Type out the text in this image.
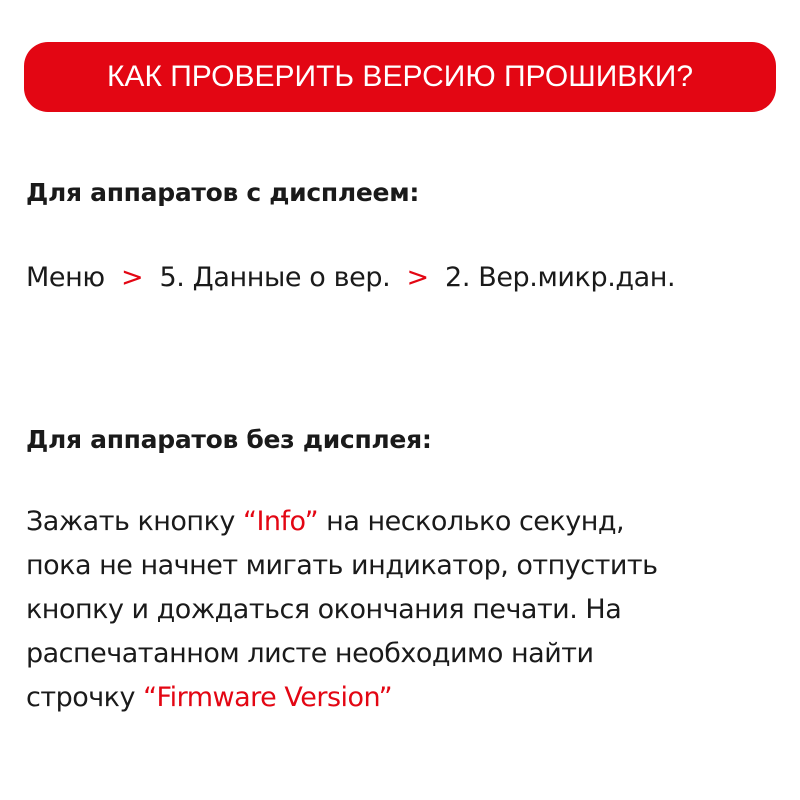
КАК ПРОВЕРИТЬ ВЕРСИЮ ПРОШИВКИ?
Для аппаратов с дисплеем:
Меню > 5. Данные о вер. > 2. Вер.микр.дан.
Для аппаратов без дисплея:
Зажать кнопку “Info” на несколько секунд,
пока не начнет мигать индикатор, отпустить
кнопку и дождаться окончания печати. На
распечатанном листе необходимо найти
строчку “Firmware Version”
